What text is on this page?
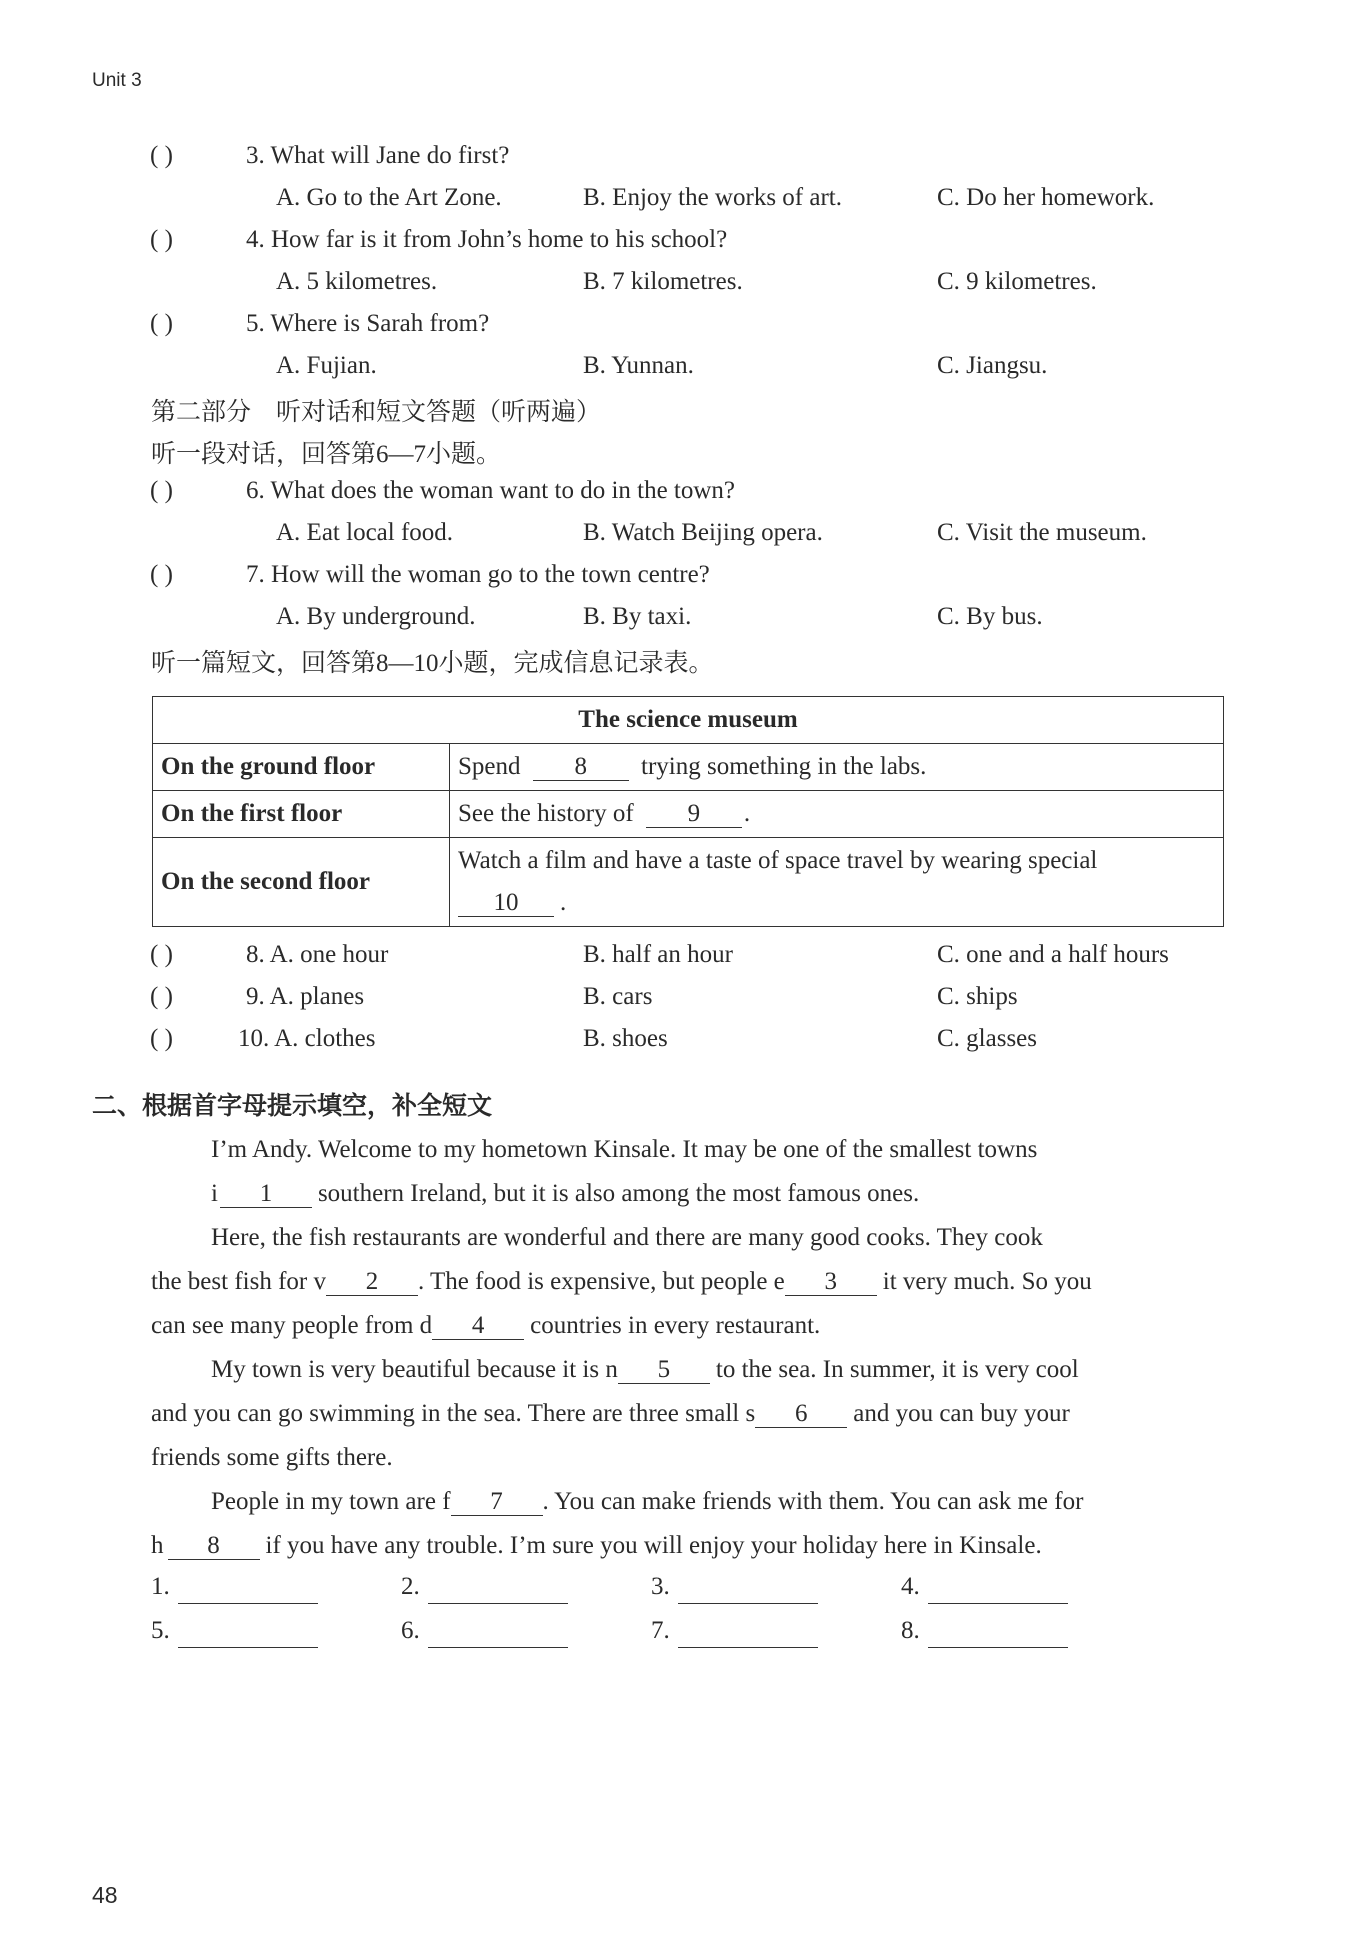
Unit 3
( )	3. What will Jane do first?
A. Go to the Art Zone.	B. Enjoy the works of art.	C. Do her homework.
( )	4. How far is it from John’s home to his school?
A. 5 kilometres.	B. 7 kilometres.	C. 9 kilometres.
( )	5. Where is Sarah from?
A. Fujian.	B. Yunnan.	C. Jiangsu.
第二部分　听对话和短文答题（听两遍）
听一段对话，回答第6—7小题。
( )	6. What does the woman want to do in the town?
A. Eat local food.	B. Watch Beijing opera.	C. Visit the museum.
( )	7. How will the woman go to the town centre?
A. By underground.	B. By taxi.	C. By bus.
听一篇短文，回答第8—10小题，完成信息记录表。
The science museum	
On the ground floor	Spend 8 trying something in the labs.
On the first floor	See the history of 9 .
On the second floor	Watch a film and have a taste of space travel by wearing special
10 .
( )	8. A. one hour	B. half an hour	C. one and a half hours
( )	9. A. planes	B. cars	C. ships
( )	10. A. clothes	B. shoes	C. glasses
二、根据首字母提示填空，补全短文
I’m Andy. Welcome to my hometown Kinsale. It may be one of the smallest towns
i 1 southern Ireland, but it is also among the most famous ones.
Here, the fish restaurants are wonderful and there are many good cooks. They cook
the best fish for v 2 . The food is expensive, but people e 3 it very much. So you
can see many people from d 4 countries in every restaurant.
My town is very beautiful because it is n 5 to the sea. In summer, it is very cool
and you can go swimming in the sea. There are three small s 6 and you can buy your
friends some gifts there.
People in my town are f 7 . You can make friends with them. You can ask me for
h 8 if you have any trouble. I’m sure you will enjoy your holiday here in Kinsale.
1.	2.	3.	4.
5.	6.	7.	8.
48
